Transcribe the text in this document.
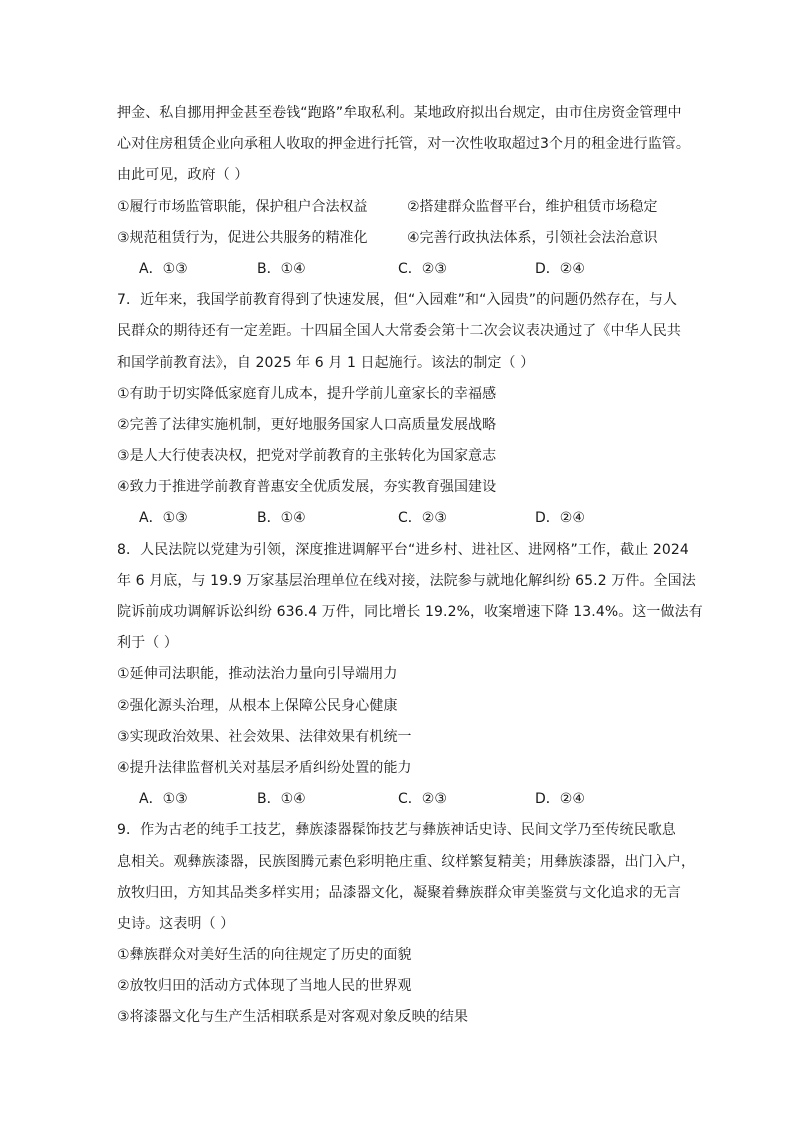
押金、私自挪用押金甚至卷钱“跑路”牟取私利。某地政府拟出台规定，由市住房资金管理中
心对住房租赁企业向承租人收取的押金进行托管，对一次性收取超过3个月的租金进行监管。
由此可见，政府（ ）
①履行市场监管职能，保护租户合法权益	②搭建群众监督平台，维护租赁市场稳定
③规范租赁行为，促进公共服务的精准化	④完善行政执法体系，引领社会法治意识
A．①③	B．①④	C．②③	D．②④
7．近年来，我国学前教育得到了快速发展，但“入园难”和“入园贵”的问题仍然存在，与人
民群众的期待还有一定差距。十四届全国人大常委会第十二次会议表决通过了《中华人民共
和国学前教育法》，自 2025 年 6 月 1 日起施行。该法的制定（ ）
①有助于切实降低家庭育儿成本，提升学前儿童家长的幸福感
②完善了法律实施机制，更好地服务国家人口高质量发展战略
③是人大行使表决权，把党对学前教育的主张转化为国家意志
④致力于推进学前教育普惠安全优质发展，夯实教育强国建设
A．①③	B．①④	C．②③	D．②④
8．人民法院以党建为引领，深度推进调解平台“进乡村、进社区、进网格”工作，截止 2024
年 6 月底，与 19.9 万家基层治理单位在线对接，法院参与就地化解纠纷 65.2 万件。全国法
院诉前成功调解诉讼纠纷 636.4 万件，同比增长 19.2%，收案增速下降 13.4%。这一做法有
利于（ ）
①延伸司法职能，推动法治力量向引导端用力
②强化源头治理，从根本上保障公民身心健康
③实现政治效果、社会效果、法律效果有机统一
④提升法律监督机关对基层矛盾纠纷处置的能力
A．①③	B．①④	C．②③	D．②④
9．作为古老的纯手工技艺，彝族漆器髹饰技艺与彝族神话史诗、民间文学乃至传统民歌息
息相关。观彝族漆器，民族图腾元素色彩明艳庄重、纹样繁复精美；用彝族漆器，出门入户，
放牧归田，方知其品类多样实用；品漆器文化，凝聚着彝族群众审美鉴赏与文化追求的无言
史诗。这表明（ ）
①彝族群众对美好生活的向往规定了历史的面貌
②放牧归田的活动方式体现了当地人民的世界观
③将漆器文化与生产生活相联系是对客观对象反映的结果
